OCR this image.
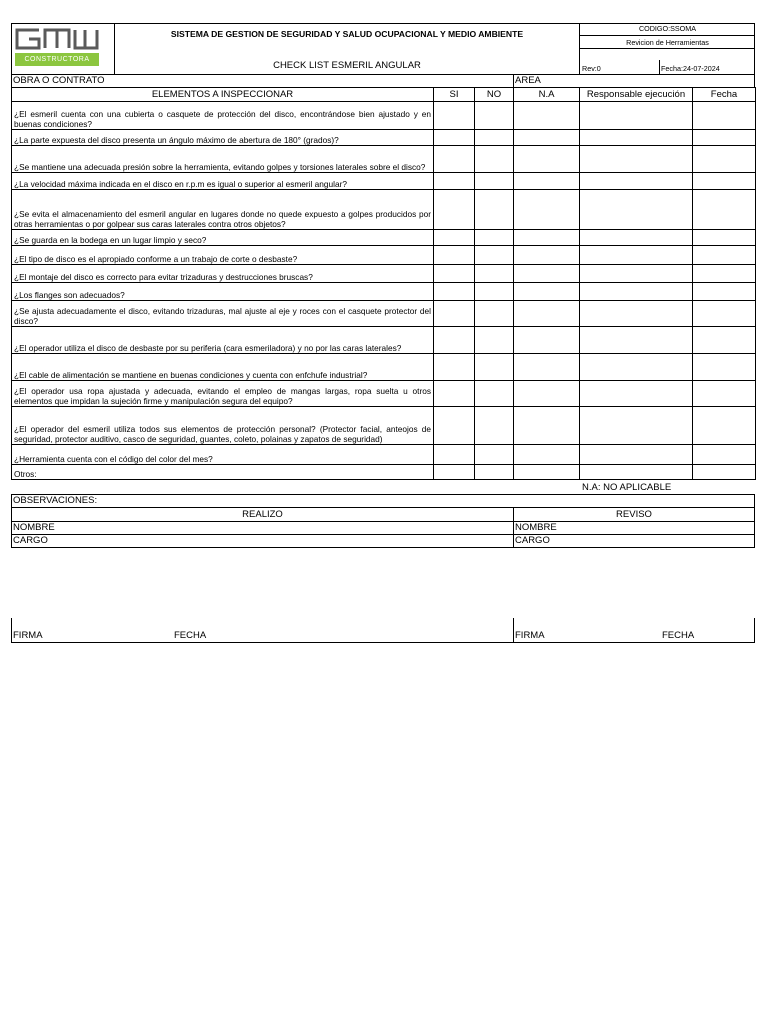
CONSTRUCTORA
SISTEMA DE GESTION DE SEGURIDAD Y SALUD OCUPACIONAL Y MEDIO AMBIENTE
CHECK LIST ESMERIL ANGULAR
CODIGO:SSOMA
Revicion de Herramientas
Rev:0	Fecha:24-07-2024
OBRA O CONTRATO	AREA
ELEMENTOS A INSPECCIONAR	SI	NO	N.A	Responsable ejecución	Fecha
¿El esmeril cuenta con una cubierta o casquete de protección del disco, encontrándose bien ajustado y en buenas condiciones?					
¿La parte expuesta del disco presenta un ángulo máximo de abertura de 180° (grados)?					
¿Se mantiene una adecuada presión sobre la herramienta, evitando golpes y torsiones laterales sobre el disco?					
¿La velocidad máxima indicada en el disco en r.p.m es igual o superior al esmeril angular?					
¿Se evita el almacenamiento del esmeril angular en lugares donde no quede expuesto a golpes producidos por otras herramientas o por golpear sus caras laterales contra otros objetos?					
¿Se guarda en la bodega en un lugar limpio y seco?					
¿El tipo de disco es el apropiado conforme a un trabajo de corte o desbaste?					
¿El montaje del disco es correcto para evitar trizaduras y destrucciones bruscas?					
¿Los flanges son adecuados?					
¿Se ajusta adecuadamente el disco, evitando trizaduras, mal ajuste al eje y roces con el casquete protector del disco?					
¿El operador utiliza el disco de desbaste por su periferia (cara esmeriladora) y no por las caras laterales?					
¿El cable de alimentación se mantiene en buenas condiciones y cuenta con enfchufe industrial?					
¿El operador usa ropa ajustada y adecuada, evitando el empleo de mangas largas, ropa suelta u otros elementos que impidan la sujeción firme y manipulación segura del equipo?					
¿El operador del esmeril utiliza todos sus elementos de protección personal? (Protector facial, anteojos de seguridad, protector auditivo, casco de seguridad, guantes, coleto, polainas y zapatos de seguridad)					
¿Herramienta cuenta con el código del color del mes?					
Otros:					
N.A: NO APLICABLE
OBSERVACIONES:
REALIZO	REVISO
NOMBRE	NOMBRE
CARGO	CARGO
FIRMA	FECHA	FIRMA	FECHA
